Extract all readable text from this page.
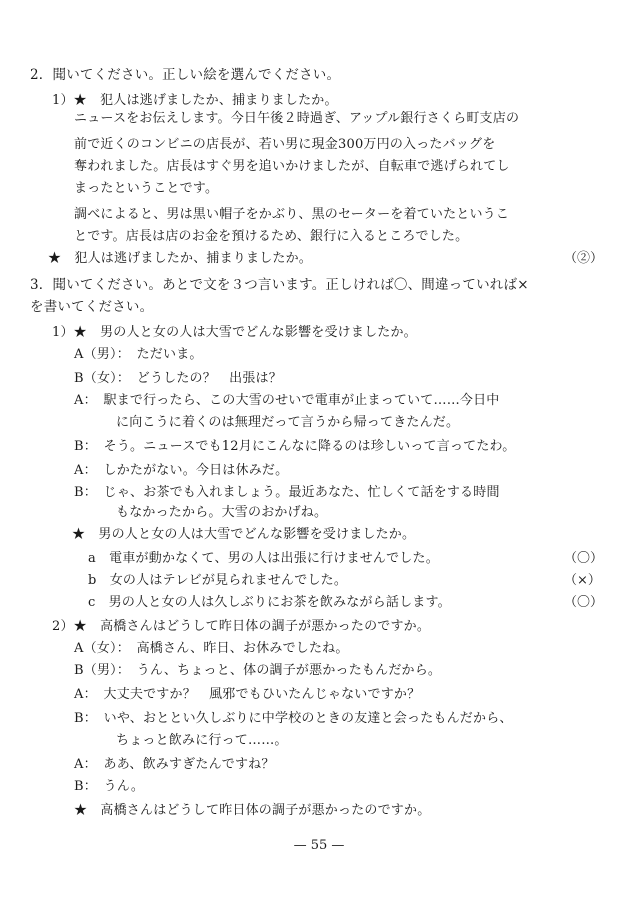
2．聞いてください。正しい絵を選んでください。
1）★　犯人は逃げましたか、捕まりましたか。
ニュースをお伝えします。今日午後２時過ぎ、アップル銀行さくら町支店の
前で近くのコンビニの店長が、若い男に現金300万円の入ったバッグを
奪われました。店長はすぐ男を追いかけましたが、自転車で逃げられてし
まったということです。
調べによると、男は黒い帽子をかぶり、黒のセーターを着ていたというこ
とです。店長は店のお金を預けるため、銀行に入るところでした。
★　犯人は逃げましたか、捕まりましたか。	（②）
3．聞いてください。あとで文を３つ言います。正しければ〇、間違っていれば×
を書いてください。
1）★　男の人と女の人は大雪でどんな影響を受けましたか。
A（男）：　ただいま。
B（女）：　どうしたの？　出張は？
A：　駅まで行ったら、この大雪のせいで電車が止まっていて……今日中
に向こうに着くのは無理だって言うから帰ってきたんだ。
B：　そう。ニュースでも12月にこんなに降るのは珍しいって言ってたわ。
A：　しかたがない。今日は休みだ。
B：　じゃ、お茶でも入れましょう。最近あなた、忙しくて話をする時間
もなかったから。大雪のおかげね。
★　男の人と女の人は大雪でどんな影響を受けましたか。
a　電車が動かなくて、男の人は出張に行けませんでした。	（〇）
b　女の人はテレビが見られませんでした。	（×）
c　男の人と女の人は久しぶりにお茶を飲みながら話します。	（〇）
2）★　高橋さんはどうして昨日体の調子が悪かったのですか。
A（女）：　高橋さん、昨日、お休みでしたね。
B（男）：　うん、ちょっと、体の調子が悪かったもんだから。
A：　大丈夫ですか？　風邪でもひいたんじゃないですか？
B：　いや、おととい久しぶりに中学校のときの友達と会ったもんだから、
ちょっと飲みに行って……。
A：　ああ、飲みすぎたんですね？
B：　うん。
★　高橋さんはどうして昨日体の調子が悪かったのですか。
— 55 —
